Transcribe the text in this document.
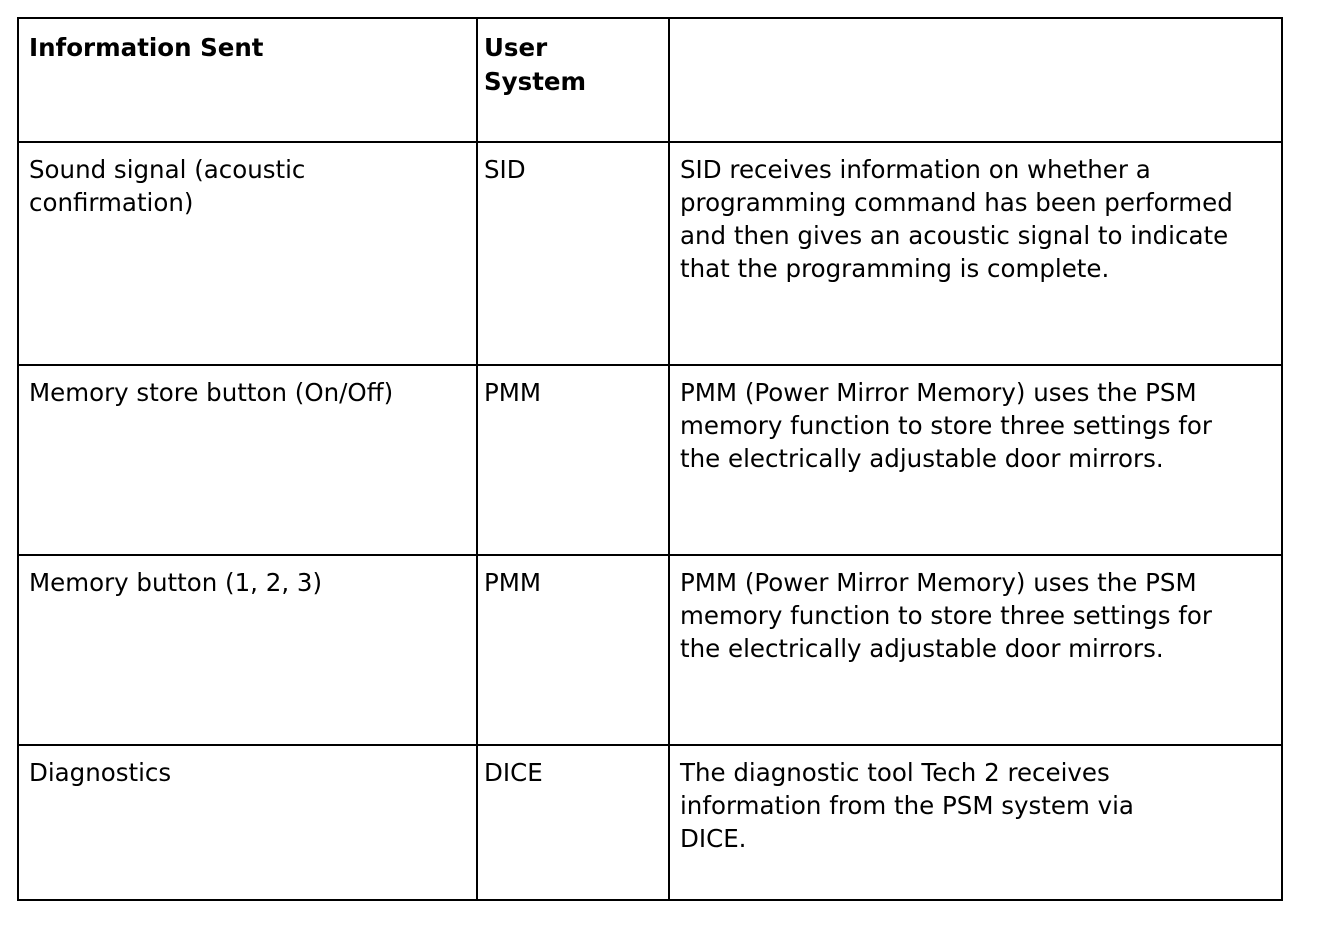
Information Sent	User
System	

Sound signal (acoustic confirmation)	SID	SID receives information on whether a programming command has been performed and then gives an acoustic signal to indicate that the programming is complete.

Memory store button (On/Off)	PMM	PMM (Power Mirror Memory) uses the PSM memory function to store three settings for the electrically adjustable door mirrors.

Memory button (1, 2, 3)	PMM	PMM (Power Mirror Memory) uses the PSM memory function to store three settings for the electrically adjustable door mirrors.

Diagnostics	DICE	The diagnostic tool Tech 2 receives information from the PSM system via DICE.
